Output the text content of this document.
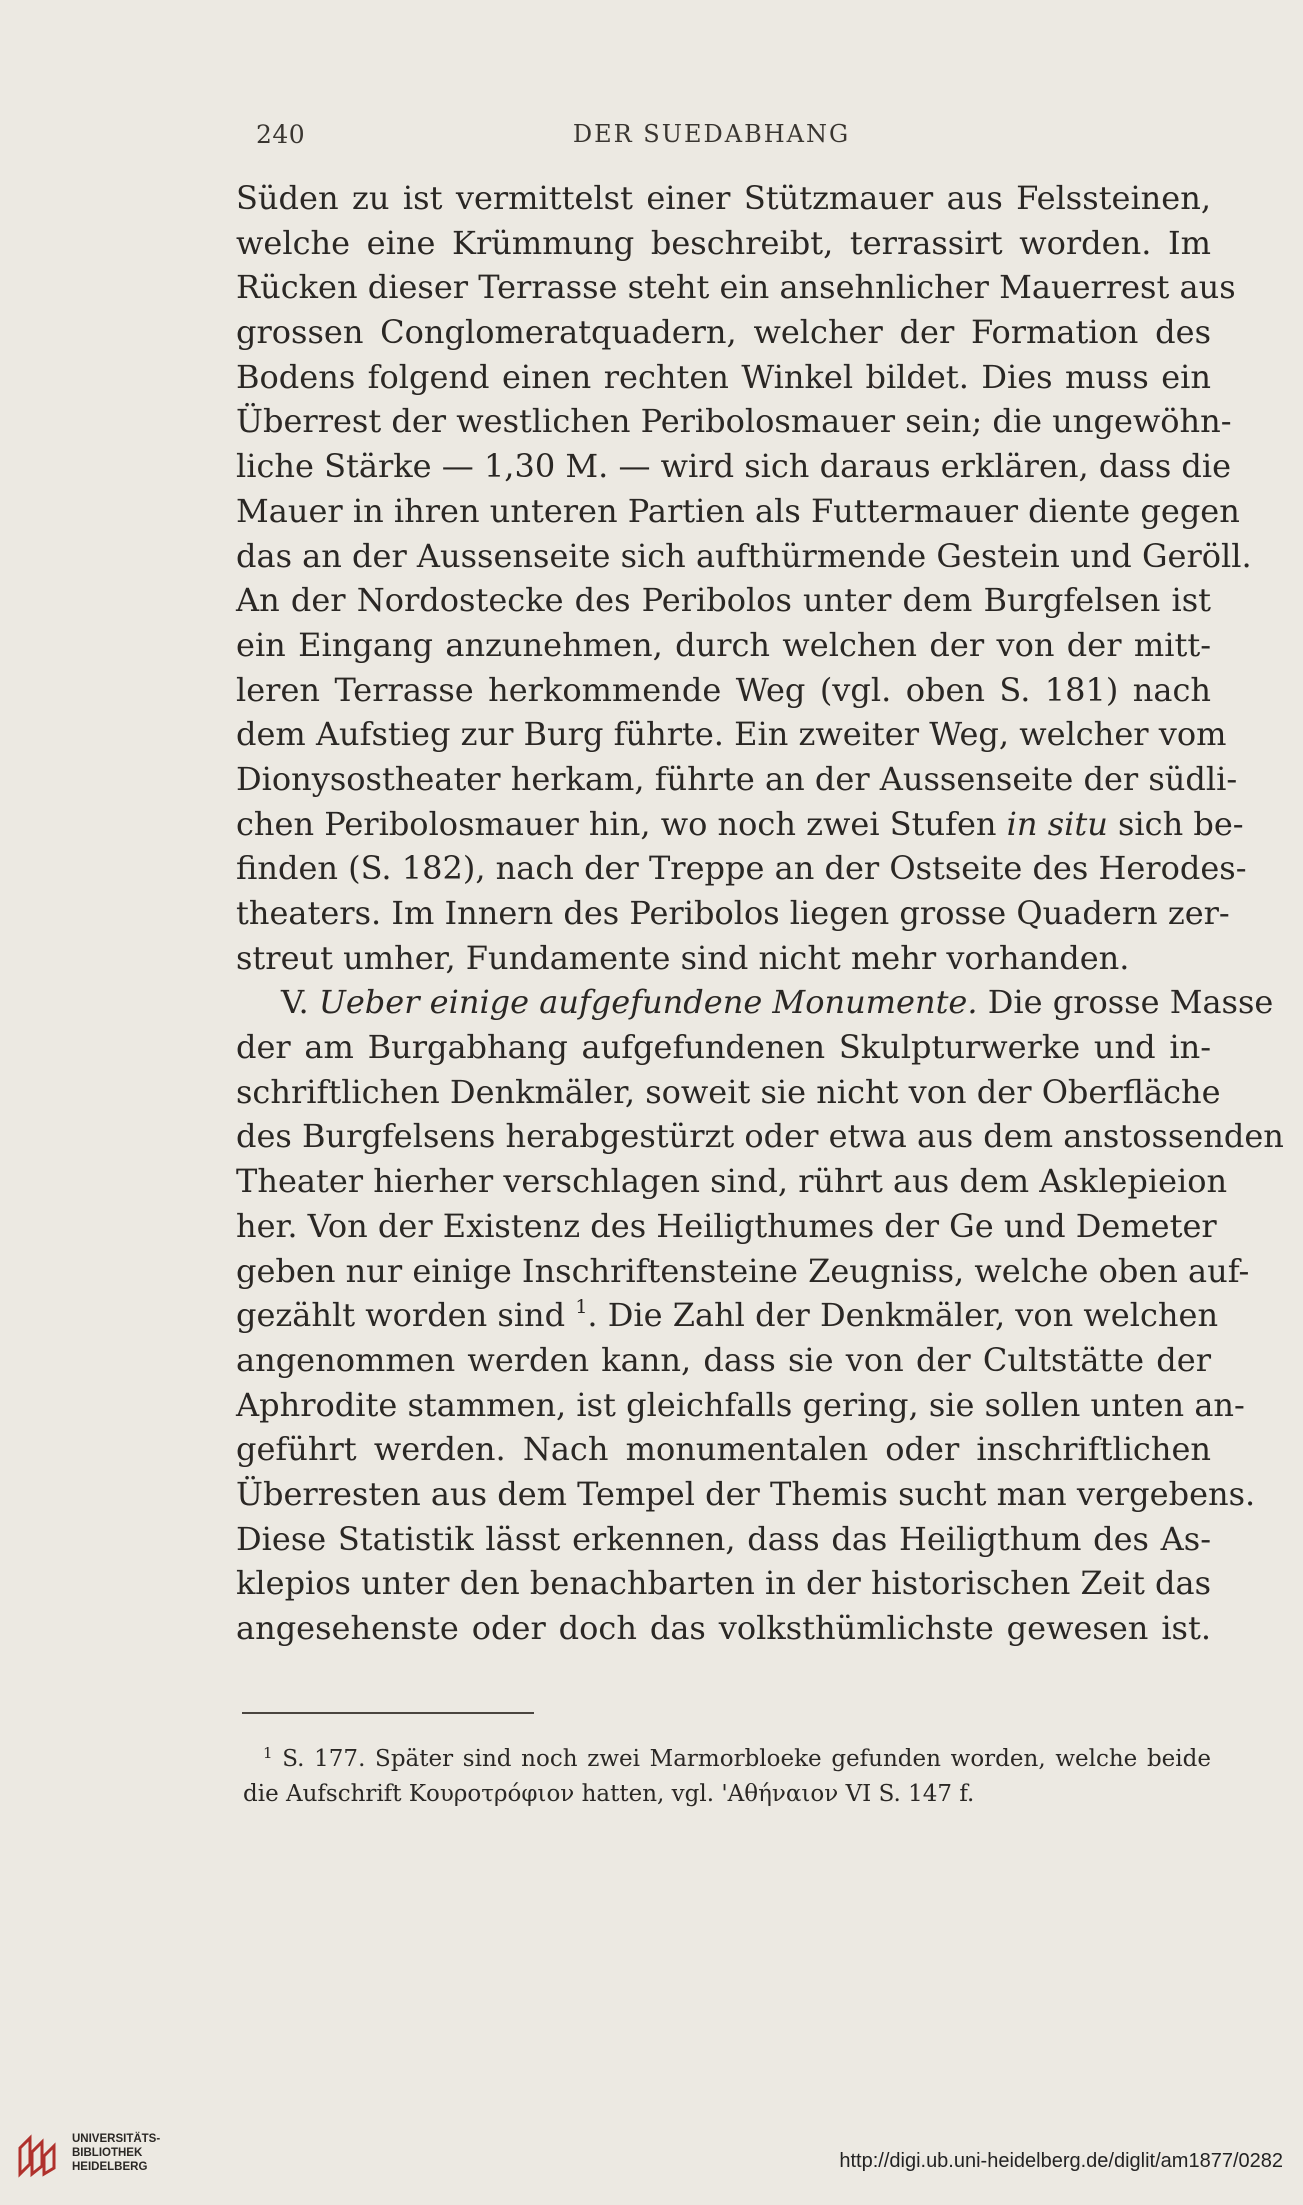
240	DER SUEDABHANG
Süden zu ist vermittelst einer Stützmauer aus Felssteinen,
welche eine Krümmung beschreibt, terrassirt worden. Im
Rücken dieser Terrasse steht ein ansehnlicher Mauerrest aus
grossen Conglomeratquadern, welcher der Formation des
Bodens folgend einen rechten Winkel bildet. Dies muss ein
Überrest der westlichen Peribolosmauer sein; die ungewöhn-
liche Stärke — 1,30 M. — wird sich daraus erklären, dass die
Mauer in ihren unteren Partien als Futtermauer diente gegen
das an der Aussenseite sich aufthürmende Gestein und Geröll.
An der Nordostecke des Peribolos unter dem Burgfelsen ist
ein Eingang anzunehmen, durch welchen der von der mitt-
leren Terrasse herkommende Weg (vgl. oben S. 181) nach
dem Aufstieg zur Burg führte. Ein zweiter Weg, welcher vom
Dionysostheater herkam, führte an der Aussenseite der südli-
chen Peribolosmauer hin, wo noch zwei Stufen in situ sich be-
finden (S. 182), nach der Treppe an der Ostseite des Herodes-
theaters. Im Innern des Peribolos liegen grosse Quadern zer-
streut umher, Fundamente sind nicht mehr vorhanden.
V. Ueber einige aufgefundene Monumente. Die grosse Masse
der am Burgabhang aufgefundenen Skulpturwerke und in-
schriftlichen Denkmäler, soweit sie nicht von der Oberfläche
des Burgfelsens herabgestürzt oder etwa aus dem anstossenden
Theater hierher verschlagen sind, rührt aus dem Asklepieion
her. Von der Existenz des Heiligthumes der Ge und Demeter
geben nur einige Inschriftensteine Zeugniss, welche oben auf-
gezählt worden sind $^1$. Die Zahl der Denkmäler, von welchen
angenommen werden kann, dass sie von der Cultstätte der
Aphrodite stammen, ist gleichfalls gering, sie sollen unten an-
geführt werden. Nach monumentalen oder inschriftlichen
Überresten aus dem Tempel der Themis sucht man vergebens.
Diese Statistik lässt erkennen, dass das Heiligthum des As-
klepios unter den benachbarten in der historischen Zeit das
angesehenste oder doch das volksthümlichste gewesen ist.
$^1$ S. 177. Später sind noch zwei Marmorbloeke gefunden worden, welche beide
die Aufschrift Κουροτρόφιον hatten, vgl. 'Αθήναιον VI S. 147 f.
UNIVERSITÄTS-
BIBLIOTHEK
HEIDELBERG	http://digi.ub.uni-heidelberg.de/diglit/am1877/0282
